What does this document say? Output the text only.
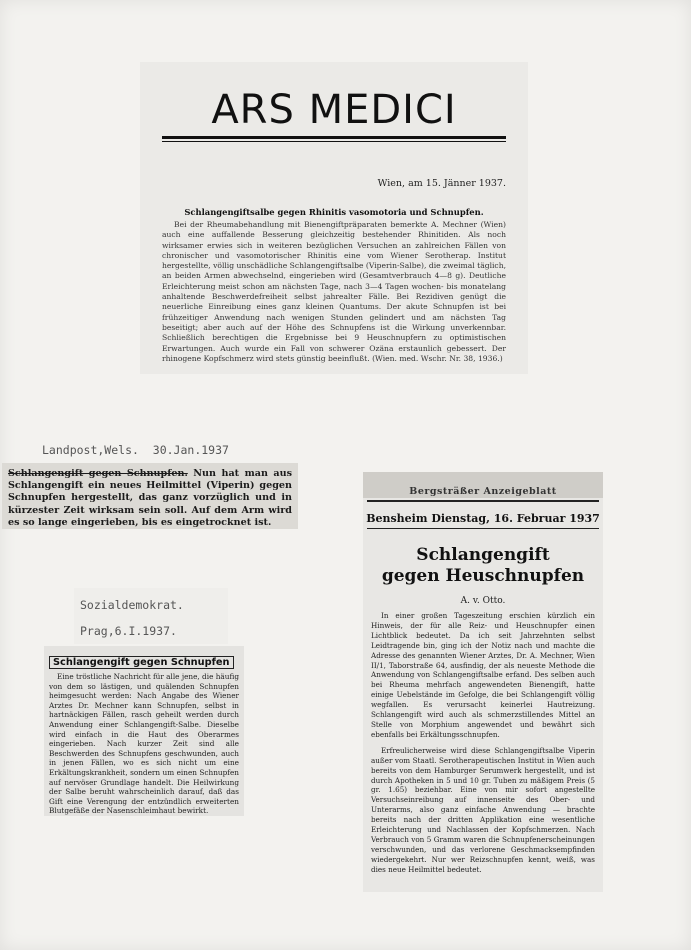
ARS MEDICI
Wien, am 15. Jänner 1937.
Schlangengiftsalbe gegen Rhinitis vasomotoria und Schnupfen.
Bei der Rheumabehandlung mit Bienengiftpräparaten bemerkte A. Mechner (Wien) auch eine auffallende Besserung gleichzeitig bestehender Rhinitiden. Als noch wirksamer erwies sich in weiteren bezüglichen Versuchen an zahlreichen Fällen von chronischer und vasomotorischer Rhinitis eine vom Wiener Serotherap. Institut hergestellte, völlig unschädliche Schlangengiftsalbe (Viperin-Salbe), die zweimal täglich, an beiden Armen abwechselnd, eingerieben wird (Gesamtverbrauch 4—8 g). Deutliche Erleichterung meist schon am nächsten Tage, nach 3—4 Tagen wochen- bis monatelang anhaltende Beschwerdefreiheit selbst jahrealter Fälle. Bei Rezidiven genügt die neuerliche Einreibung eines ganz kleinen Quantums. Der akute Schnupfen ist bei frühzeitiger Anwendung nach wenigen Stunden gelindert und am nächsten Tag beseitigt; aber auch auf der Höhe des Schnupfens ist die Wirkung unverkennbar. Schließlich berechtigen die Ergebnisse bei 9 Heuschnupfern zu optimistischen Erwartungen. Auch wurde ein Fall von schwerer Ozäna erstaunlich gebessert. Der rhinogene Kopfschmerz wird stets günstig beeinflußt. (Wien. med. Wschr. Nr. 38, 1936.)
Landpost,Wels.  30.Jan.1937
Schlangengift gegen Schnupfen. Nun hat man aus Schlangengift ein neues Heilmittel (Viperin) gegen Schnupfen hergestellt, das ganz vorzüglich und in kürzester Zeit wirksam sein soll. Auf dem Arm wird es so lange eingerieben, bis es eingetrocknet ist.
Sozialdemokrat.
Prag,6.I.1937.
Schlangengift gegen Schnupfen
Eine tröstliche Nachricht für alle jene, die häufig von dem so lästigen, und quälenden Schnupfen heimgesucht werden: Nach Angabe des Wiener Arztes Dr. Mechner kann Schnupfen, selbst in hartnäckigen Fällen, rasch geheilt werden durch Anwendung einer Schlangengift-Salbe. Dieselbe wird einfach in die Haut des Oberarmes eingerieben. Nach kurzer Zeit sind alle Beschwerden des Schnupfens geschwunden, auch in jenen Fällen, wo es sich nicht um eine Erkältungskrankheit, sondern um einen Schnupfen auf nervöser Grundlage handelt. Die Heilwirkung der Salbe beruht wahrscheinlich darauf, daß das Gift eine Verengung der entzündlich erweiterten Blutgefäße der Nasenschleimhaut bewirkt.
Bergsträßer Anzeigeblatt
Bensheim Dienstag, 16. Februar 1937
Schlangengift
gegen Heuschnupfen
A. v. Otto.

In einer großen Tageszeitung erschien kürzlich ein Hinweis, der für alle Reiz- und Heuschnupfer einen Lichtblick bedeutet. Da ich seit Jahrzehnten selbst Leidtragende bin, ging ich der Notiz nach und machte die Adresse des genannten Wiener Arztes, Dr. A. Mechner, Wien II/1, Taborstraße 64, ausfindig, der als neueste Methode die Anwendung von Schlangengiftsalbe erfand. Des selben auch bei Rheuma mehrfach angewendeten Bienengift, hatte einige Uebelstände im Gefolge, die bei Schlangengift völlig wegfallen. Es verursacht keinerlei Hautreizung. Schlangengift wird auch als schmerzstillendes Mittel an Stelle von Morphium angewendet und bewährt sich ebenfalls bei Erkältungsschnupfen.

Erfreulicherweise wird diese Schlangengiftsalbe Viperin außer vom Staatl. Serotherapeutischen Institut in Wien auch bereits von dem Hamburger Serumwerk hergestellt, und ist durch Apotheken in 5 und 10 gr. Tuben zu mäßigem Preis (5 gr. 1.65) beziehbar. Eine von mir sofort angestellte Versuchseinreibung auf innenseite des Ober- und Unterarms, also ganz einfache Anwendung — brachte bereits nach der dritten Applikation eine wesentliche Erleichterung und Nachlassen der Kopfschmerzen. Nach Verbrauch von 5 Gramm waren die Schnupfenerscheinungen verschwunden, und das verlorene Geschmacksempfinden wiedergekehrt. Nur wer Reizschnupfen kennt, weiß, was dies neue Heilmittel bedeutet.
